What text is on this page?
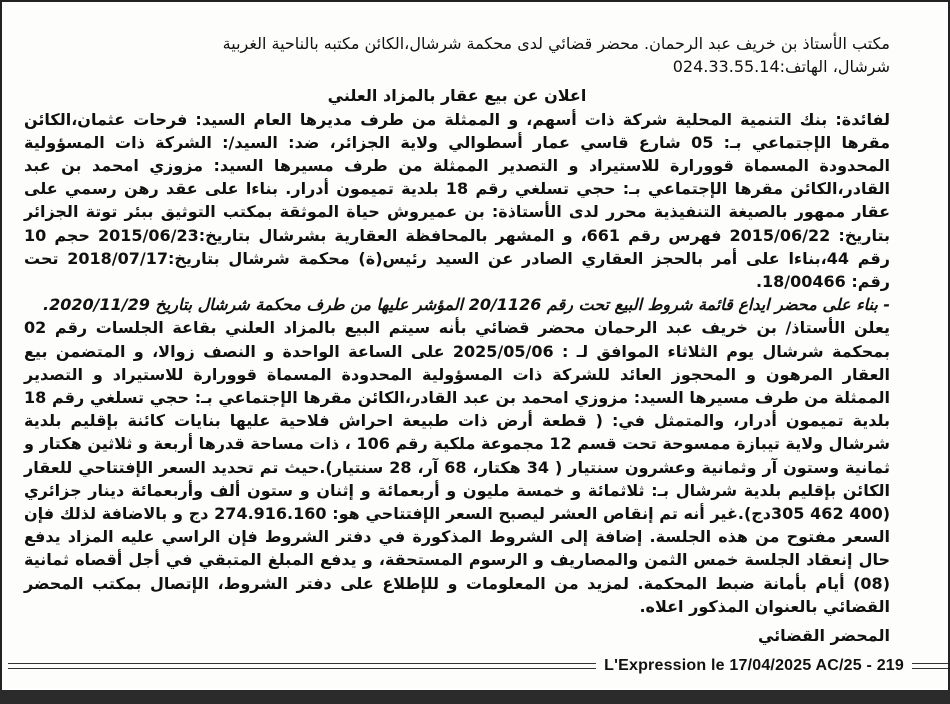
مكتب الأستاذ بن خريف عبد الرحمان. محضر قضائي لدى محكمة شرشال،الكائن مكتبه بالناحية الغربية

شرشال، الهاتف:024.33.55.14

اعلان عن بيع عقار بالمزاد العلني

لفائدة: بنك التنمية المحلية شركة ذات أسهم، و الممثلة من طرف مديرها العام السيد: فرحات عثمان،الكائن مقرها الإجتماعي بـ: 05 شارع قاسي عمار أسطوالي ولاية الجزائر، ضد: السيد/: الشركة ذات المسؤولية المحدودة المسماة قوورارة للاستيراد و التصدير الممثلة من طرف مسيرها السيد: مزوزي امحمد بن عبد القادر،الكائن مقرها الإجتماعي بـ: حجي تسلغي رقم 18 بلدية تميمون أدرار. بناءا على عقد رهن رسمي على عقار ممهور بالصيغة التنفيذية محرر لدى الأستاذة: بن عميروش حياة الموثقة بمكتب التوثيق ببئر توتة الجزائر بتاريخ: 2015/06/22 فهرس رقم 661، و المشهر بالمحافظة العقارية بشرشال بتاريخ:2015/06/23 حجم 10 رقم 44،بناءا على أمر بالحجز العقاري الصادر عن السيد رئيس(ة) محكمة شرشال بتاريخ:2018/07/17 تحت رقم: 18/00466.

- بناء على محضر ايداع قائمة شروط البيع تحت رقم 20/1126 المؤشر عليها من طرف محكمة شرشال بتاريخ 2020/11/29.

يعلن الأستاذ/ بن خريف عبد الرحمان محضر قضائي بأنه سيتم البيع بالمزاد العلني بقاعة الجلسات رقم 02 بمحكمة شرشال يوم الثلاثاء الموافق لـ : 2025/05/06 على الساعة الواحدة و النصف زوالا، و المتضمن بيع العقار المرهون و المحجوز العائد للشركة ذات المسؤولية المحدودة المسماة قوورارة للاستيراد و التصدير الممثلة من طرف مسيرها السيد: مزوزي امحمد بن عبد القادر،الكائن مقرها الإجتماعي بـ: حجي تسلغي رقم 18 بلدية تميمون أدرار، والمتمثل في: ( قطعة أرض ذات طبيعة احراش فلاحية عليها بنايات كائنة بإقليم بلدية شرشال ولاية تيبازة ممسوحة تحت قسم 12 مجموعة ملكية رقم 106 ، ذات مساحة قدرها أربعة و ثلاثين هكتار و ثمانية وستون آر وثمانية وعشرون سنتيار ( 34 هكتار، 68 آر، 28 سنتيار).حيث تم تحديد السعر الإفتتاحي للعقار الكائن بإقليم بلدية شرشال بـ: ثلاثمائة و خمسة مليون و أربعمائة و إثنان و ستون ألف وأربعمائة دينار جزائري (400 462 305دج).غير أنه تم إنقاص العشر ليصبح السعر الإفتتاحي هو: 274.916.160 دج و بالاضافة لذلك فإن السعر مفتوح من هذه الجلسة. إضافة إلى الشروط المذكورة في دفتر الشروط فإن الراسي عليه المزاد يدفع حال إنعقاد الجلسة خمس الثمن والمصاريف و الرسوم المستحقة، و يدفع المبلغ المتبقي في أجل أقصاه ثمانية (08) أيام بأمانة ضبط المحكمة. لمزيد من المعلومات و للإطلاع على دفتر الشروط، الإتصال بمكتب المحضر القضائي بالعنوان المذكور اعلاه.

المحضر القضائي

L'Expression le 17/04/2025 AC/25 - 219
